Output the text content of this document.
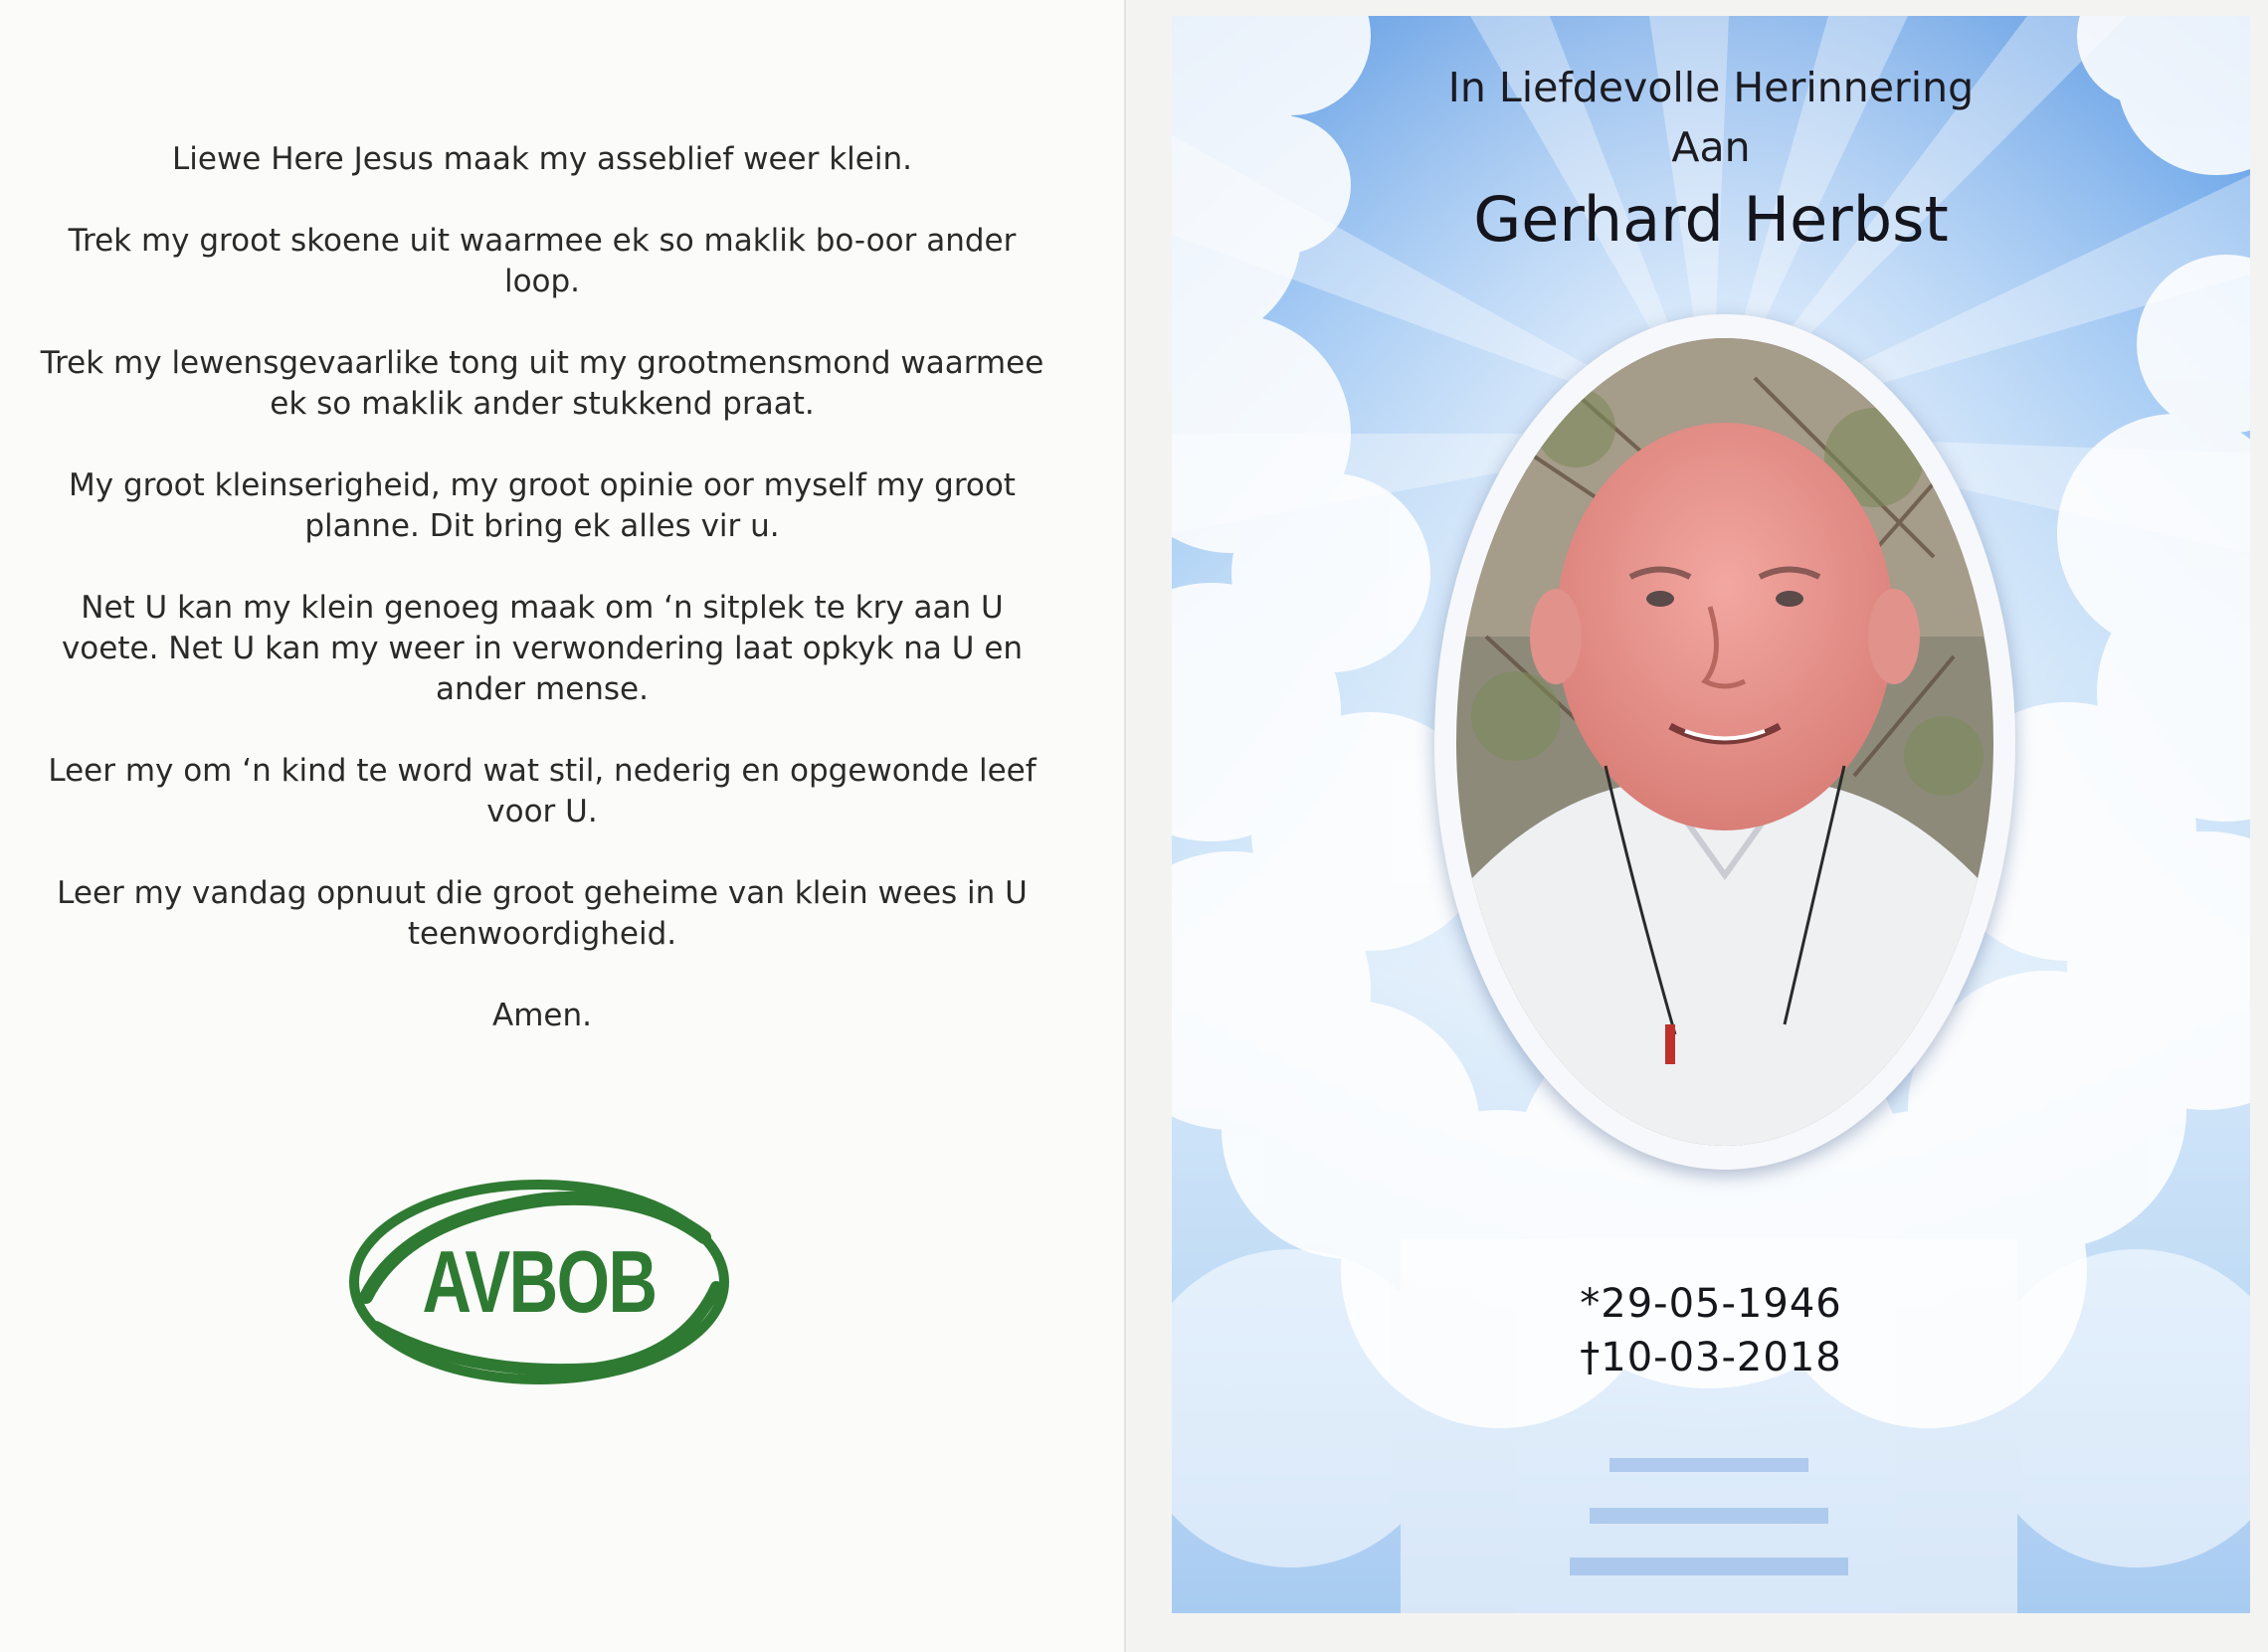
Liewe Here Jesus maak my asseblief weer klein.

Trek my groot skoene uit waarmee ek so maklik bo-oor ander loop.

Trek my lewensgevaarlike tong uit my grootmensmond waarmee ek so maklik ander stukkend praat.

My groot kleinserigheid, my groot opinie oor myself my groot planne. Dit bring ek alles vir u.

Net U kan my klein genoeg maak om ‘n sitplek te kry aan U voete. Net U kan my weer in verwondering laat opkyk na U en ander mense.

Leer my om ‘n kind te word wat stil, nederig en opgewonde leef voor U.

Leer my vandag opnuut die groot geheime van klein wees in U teenwoordigheid.

Amen.

AVBOB
In Liefdevolle Herinnering
Aan
Gerhard Herbst
*29-05-1946
†10-03-2018
